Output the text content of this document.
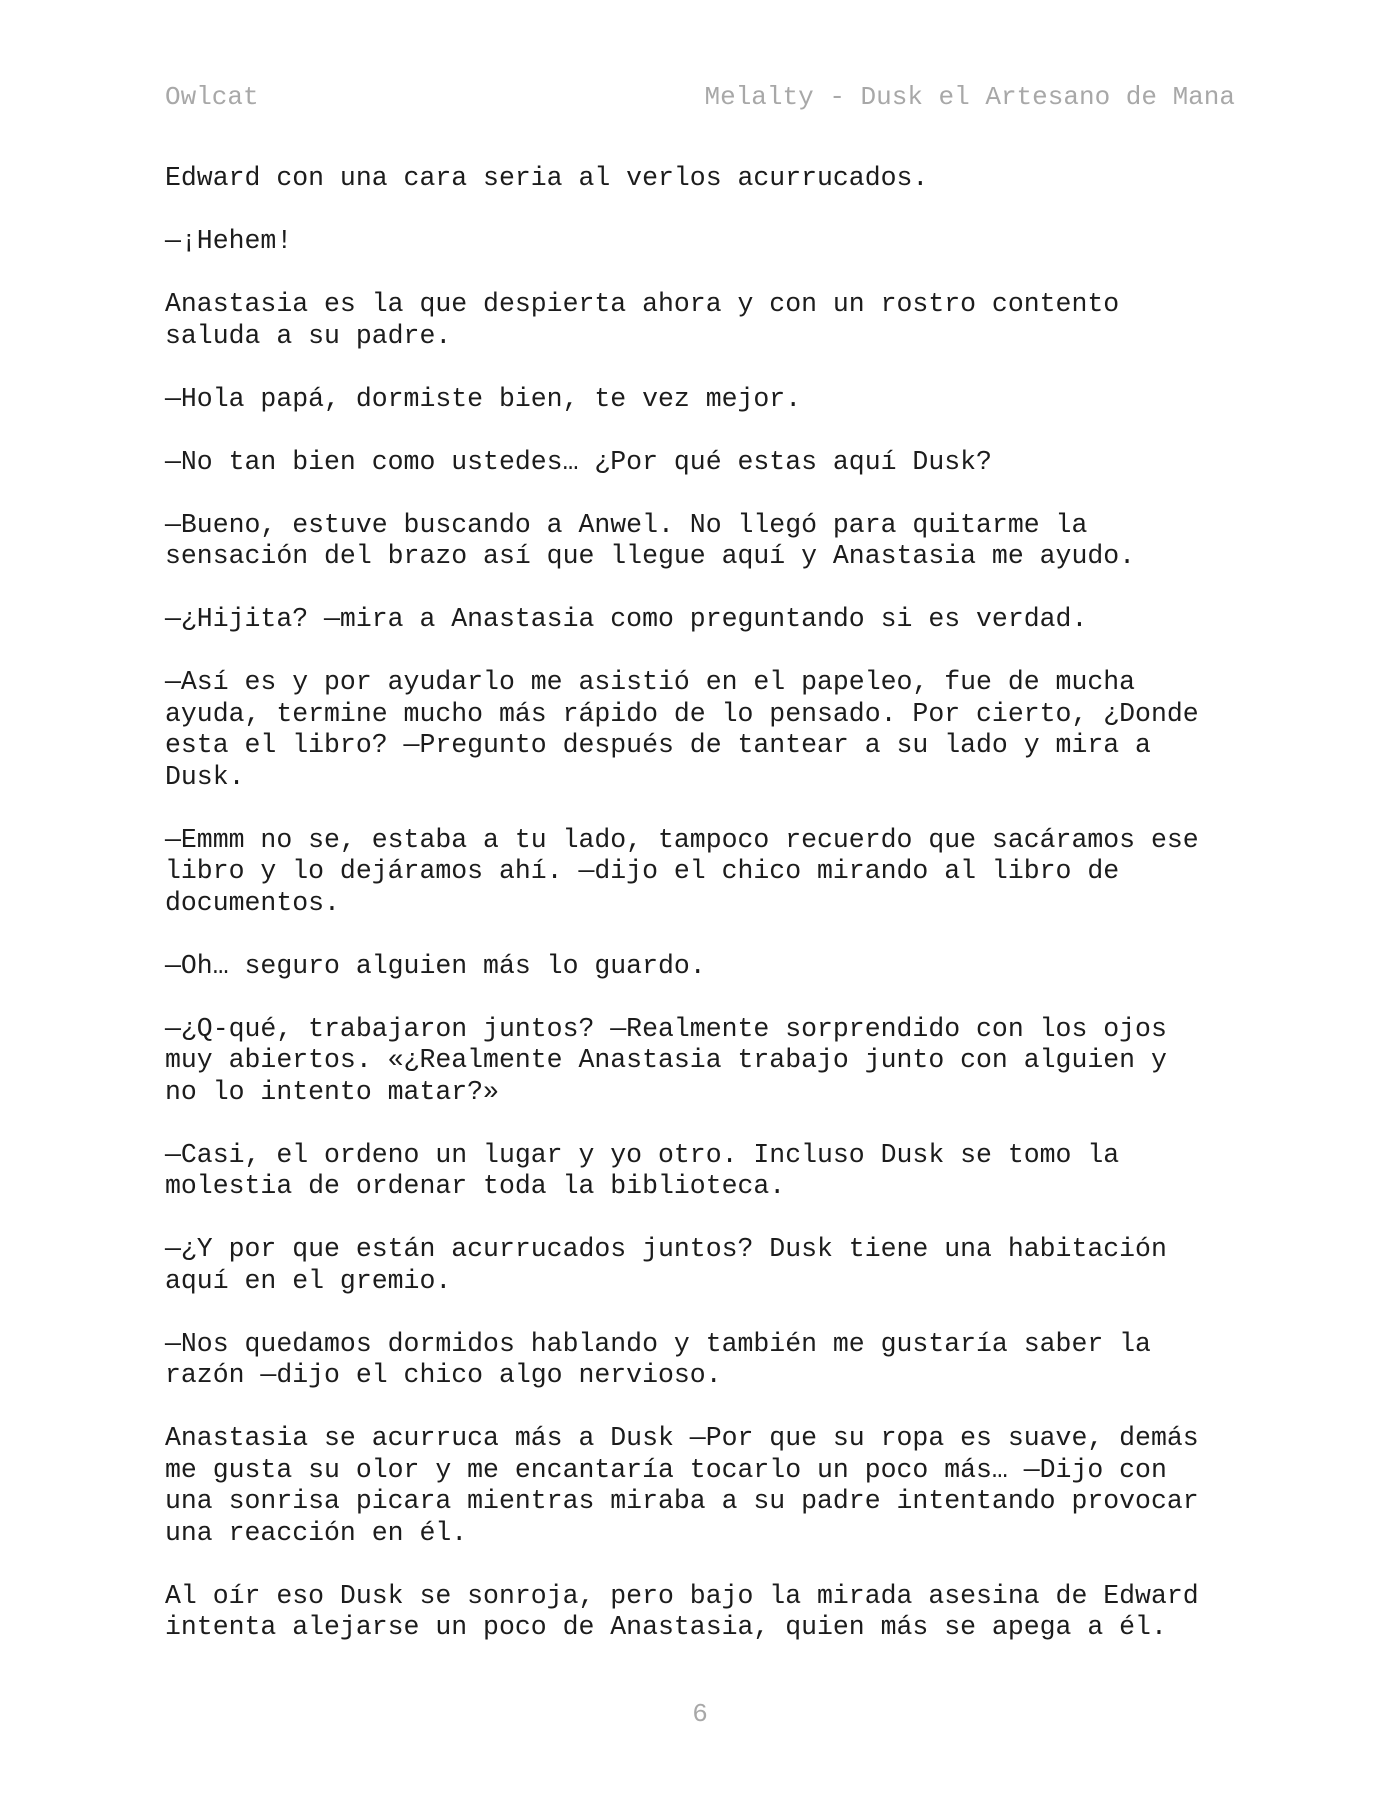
Owlcat	Melalty - Dusk el Artesano de Mana

Edward con una cara seria al verlos acurrucados.

—¡Hehem!

Anastasia es la que despierta ahora y con un rostro contento
saluda a su padre.

—Hola papá, dormiste bien, te vez mejor.

—No tan bien como ustedes… ¿Por qué estas aquí Dusk?

—Bueno, estuve buscando a Anwel. No llegó para quitarme la
sensación del brazo así que llegue aquí y Anastasia me ayudo.

—¿Hijita? —mira a Anastasia como preguntando si es verdad.

—Así es y por ayudarlo me asistió en el papeleo, fue de mucha
ayuda, termine mucho más rápido de lo pensado. Por cierto, ¿Donde
esta el libro? —Pregunto después de tantear a su lado y mira a
Dusk.

—Emmm no se, estaba a tu lado, tampoco recuerdo que sacáramos ese
libro y lo dejáramos ahí. —dijo el chico mirando al libro de
documentos.

—Oh… seguro alguien más lo guardo.

—¿Q-qué, trabajaron juntos? —Realmente sorprendido con los ojos
muy abiertos. «¿Realmente Anastasia trabajo junto con alguien y
no lo intento matar?»

—Casi, el ordeno un lugar y yo otro. Incluso Dusk se tomo la
molestia de ordenar toda la biblioteca.

—¿Y por que están acurrucados juntos? Dusk tiene una habitación
aquí en el gremio.

—Nos quedamos dormidos hablando y también me gustaría saber la
razón —dijo el chico algo nervioso.

Anastasia se acurruca más a Dusk —Por que su ropa es suave, demás
me gusta su olor y me encantaría tocarlo un poco más… —Dijo con
una sonrisa picara mientras miraba a su padre intentando provocar
una reacción en él.

Al oír eso Dusk se sonroja, pero bajo la mirada asesina de Edward
intenta alejarse un poco de Anastasia, quien más se apega a él.

6
